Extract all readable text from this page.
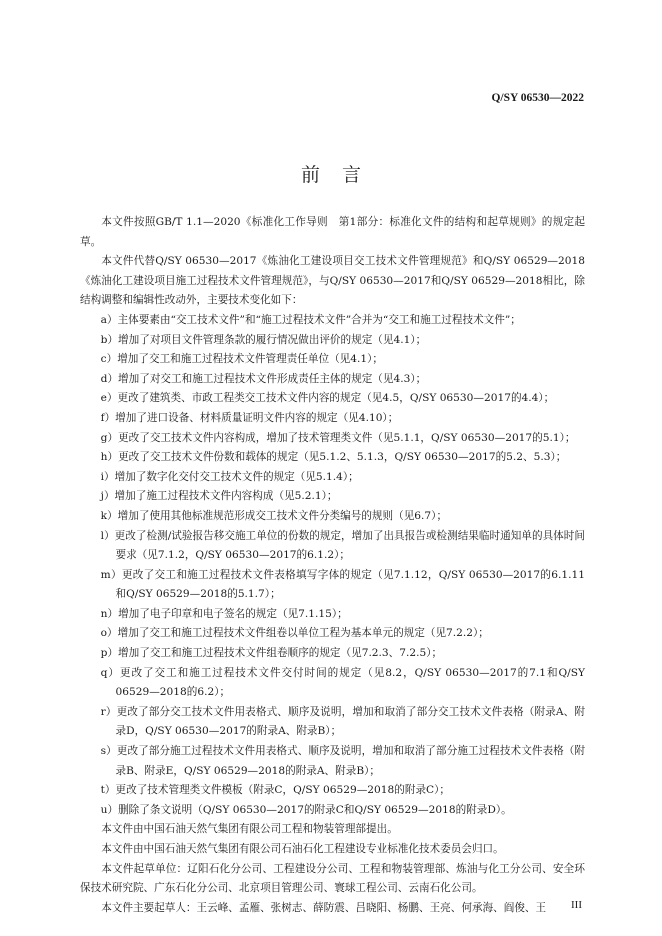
Q/SY 06530—2022
前言

本文件按照GB/T 1.1—2020《标准化工作导则　第1部分：标准化文件的结构和起草规则》的规定起草。

本文件代替Q/SY 06530—2017《炼油化工建设项目交工技术文件管理规范》和Q/SY 06529—2018《炼油化工建设项目施工过程技术文件管理规范》，与Q/SY 06530—2017和Q/SY 06529—2018相比，除结构调整和编辑性改动外，主要技术变化如下：

a）主体要素由“交工技术文件”和“施工过程技术文件”合并为“交工和施工过程技术文件”；

b）增加了对项目文件管理条款的履行情况做出评价的规定（见4.1）；

c）增加了交工和施工过程技术文件管理责任单位（见4.1）；

d）增加了对交工和施工过程技术文件形成责任主体的规定（见4.3）；

e）更改了建筑类、市政工程类交工技术文件内容的规定（见4.5，Q/SY 06530—2017的4.4）；

f）增加了进口设备、材料质量证明文件内容的规定（见4.10）；

g）更改了交工技术文件内容构成，增加了技术管理类文件（见5.1.1，Q/SY 06530—2017的5.1）；

h）更改了交工技术文件份数和载体的规定（见5.1.2、5.1.3，Q/SY 06530—2017的5.2、5.3）；

i）增加了数字化交付交工技术文件的规定（见5.1.4）；

j）增加了施工过程技术文件内容构成（见5.2.1）；

k）增加了使用其他标准规范形成交工技术文件分类编号的规则（见6.7）；

l）更改了检测/试验报告移交施工单位的份数的规定，增加了出具报告或检测结果临时通知单的具体时间要求（见7.1.2，Q/SY 06530—2017的6.1.2）；

m）更改了交工和施工过程技术文件表格填写字体的规定（见7.1.12，Q/SY 06530—2017的6.1.11和Q/SY 06529—2018的5.1.7）；

n）增加了电子印章和电子签名的规定（见7.1.15）；

o）增加了交工和施工过程技术文件组卷以单位工程为基本单元的规定（见7.2.2）；

p）增加了交工和施工过程技术文件组卷顺序的规定（见7.2.3、7.2.5）；

q）更改了交工和施工过程技术文件交付时间的规定（见8.2，Q/SY 06530—2017的7.1和Q/SY 06529—2018的6.2）；

r）更改了部分交工技术文件用表格式、顺序及说明，增加和取消了部分交工技术文件表格（附录A、附录D，Q/SY 06530—2017的附录A、附录B）；

s）更改了部分施工过程技术文件用表格式、顺序及说明，增加和取消了部分施工过程技术文件表格（附录B、附录E，Q/SY 06529—2018的附录A、附录B）；

t）更改了技术管理类文件模板（附录C，Q/SY 06529—2018的附录C）；

u）删除了条文说明（Q/SY 06530—2017的附录C和Q/SY 06529—2018的附录D）。

本文件由中国石油天然气集团有限公司工程和物装管理部提出。

本文件由中国石油天然气集团有限公司石油石化工程建设专业标准化技术委员会归口。

本文件起草单位：辽阳石化分公司、工程建设分公司、工程和物装管理部、炼油与化工分公司、安全环保技术研究院、广东石化分公司、北京项目管理公司、寰球工程公司、云南石化公司。

本文件主要起草人：王云峰、孟雁、张树志、薛防震、吕晓阳、杨鹏、王亮、何承海、阎俊、王	III
